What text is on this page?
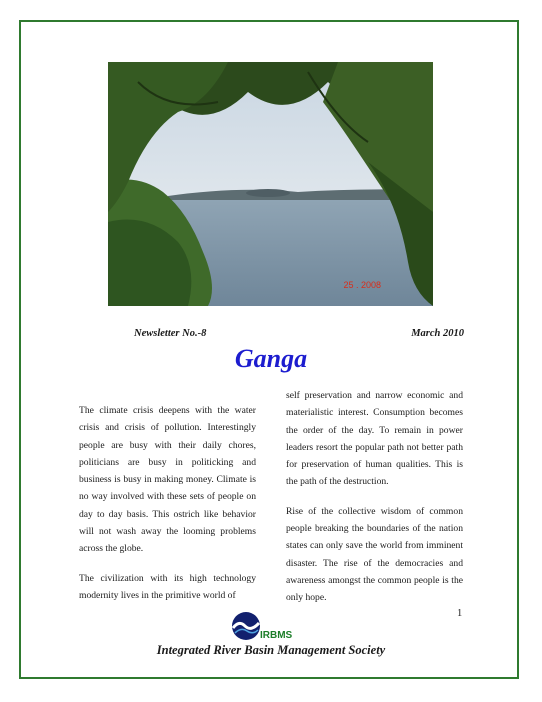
25 . 2008
Newsletter No.-8	March 2010
Ganga

The climate crisis deepens with the water crisis and crisis of pollution. Interestingly people are busy with their daily chores, politicians are busy in politicking and business is busy in making money. Climate is no way involved with these sets of people on day to day basis. This ostrich like behavior will not wash away the looming problems across the globe.

The civilization with its high technology modernity lives in the primitive world of

self preservation and narrow economic and materialistic interest. Consumption becomes the order of the day. To remain in power leaders resort the popular path not better path for preservation of human qualities. This is the path of the destruction.

Rise of the collective wisdom of common people breaking the boundaries of the nation states can only save the world from imminent disaster. The rise of the democracies and awareness amongst the common people is the only hope.

1
IRBMS
Integrated River Basin Management Society
